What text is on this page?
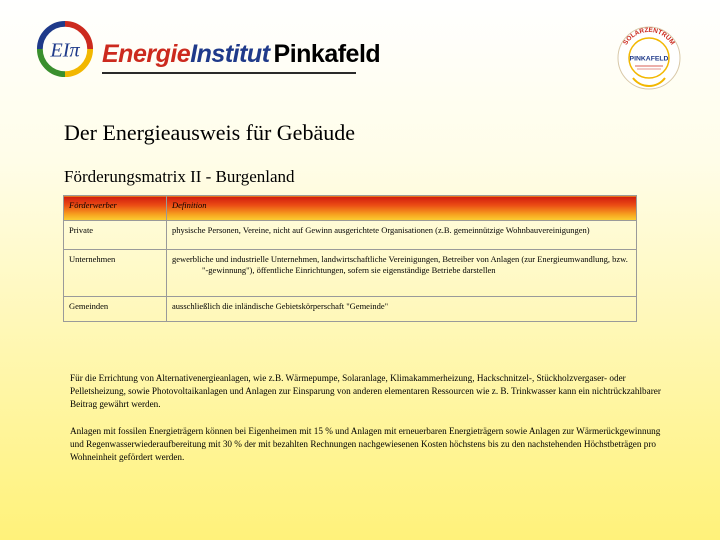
EIπ EnergieInstitut Pinkafeld	SOLARZENTRUM
PINKAFELD
Der Energieausweis für Gebäude
Förderungsmatrix II - Burgenland
Förderwerber	Definition
Private	physische Personen, Vereine, nicht auf Gewinn ausgerichtete Organisationen (z.B. gemeinnützige Wohnbauvereinigungen)

Unternehmen	gewerbliche und industrielle Unternehmen, landwirtschaftliche Vereinigungen, Betreiber von Anlagen (zur Energieumwandlung, bzw. "-gewinnung"), öffentliche Einrichtungen, sofern sie eigenständige Betriebe darstellen

Gemeinden	ausschließlich die inländische Gebietskörperschaft "Gemeinde"
Für die Errichtung von Alternativenergieanlagen, wie z.B. Wärmepumpe, Solaranlage, Klimakammerheizung, Hackschnitzel-, Stückholzvergaser- oder Pelletsheizung, sowie Photovoltaikanlagen und Anlagen zur Einsparung von anderen elementaren Ressourcen wie z. B. Trinkwasser kann ein nichtrückzahlbarer Beitrag gewährt werden.
Anlagen mit fossilen Energieträgern können bei Eigenheimen mit 15 % und Anlagen mit erneuerbaren Energieträgern sowie Anlagen zur Wärmerückgewinnung und Regenwasserwiederaufbereitung mit 30 % der mit bezahlten Rechnungen nachgewiesenen Kosten höchstens bis zu den nachstehenden Höchstbeträgen pro Wohneinheit gefördert werden.
